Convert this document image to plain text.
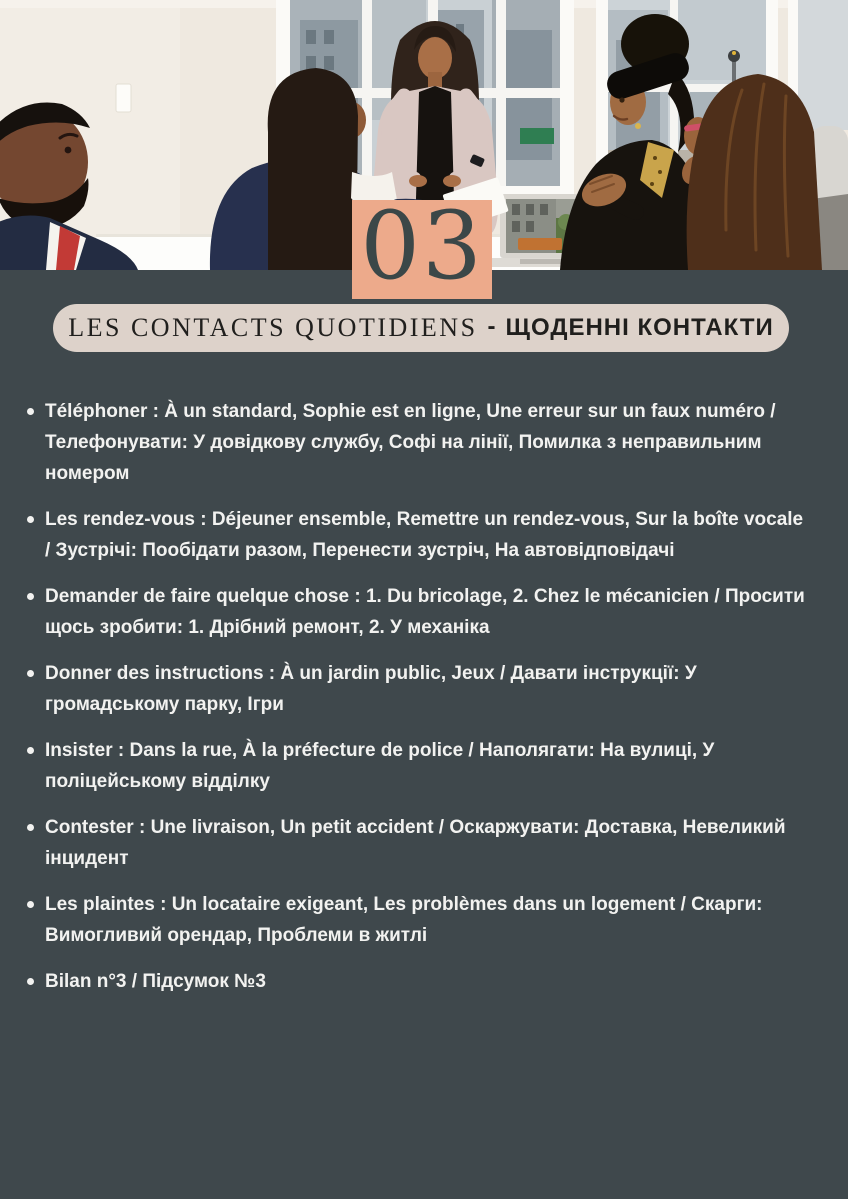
03
LES CONTACTS QUOTIDIENS - ЩОДЕННІ КОНТАКТИ
Téléphoner : À un standard, Sophie est en ligne, Une erreur sur un faux numéro / Телефонувати: У довідкову службу, Софі на лінії, Помилка з неправильним номером
Les rendez-vous : Déjeuner ensemble, Remettre un rendez-vous, Sur la boîte vocale / Зустрічі: Пообідати разом, Перенести зустріч, На автовідповідачі
Demander de faire quelque chose : 1. Du bricolage, 2. Chez le mécanicien / Просити щось зробити: 1. Дрібний ремонт, 2. У механіка
Donner des instructions : À un jardin public, Jeux / Давати інструкції: У громадському парку, Ігри
Insister : Dans la rue, À la préfecture de police / Наполягати: На вулиці, У поліцейському відділку
Contester : Une livraison, Un petit accident / Оскаржувати: Доставка, Невеликий інцидент
Les plaintes : Un locataire exigeant, Les problèmes dans un logement / Скарги: Вимогливий орендар, Проблеми в житлі
Bilan n°3 / Підсумок №3
